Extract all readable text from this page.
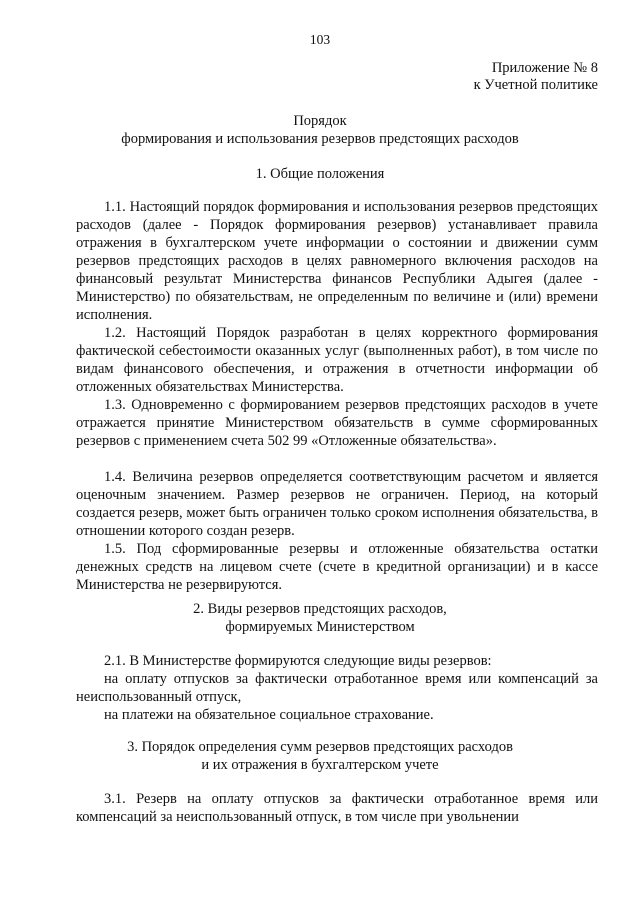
103
Приложение № 8
к Учетной политике
Порядок
формирования и использования резервов предстоящих расходов
1. Общие положения
1.1. Настоящий порядок формирования и использования резервов предстоящих расходов (далее - Порядок формирования резервов) устанавливает правила отражения в бухгалтерском учете информации о состоянии и движении сумм резервов предстоящих расходов в целях равномерного включения расходов на финансовый результат Министерства финансов Республики Адыгея (далее - Министерство) по обязательствам, не определенным по величине и (или) времени исполнения.
1.2. Настоящий Порядок разработан в целях корректного формирования фактической себестоимости оказанных услуг (выполненных работ), в том числе по видам финансового обеспечения, и отражения в отчетности информации об отложенных обязательствах Министерства.
1.3. Одновременно с формированием резервов предстоящих расходов в учете отражается принятие Министерством обязательств в сумме сформированных резервов с применением счета 502 99 «Отложенные обязательства».
1.4. Величина резервов определяется соответствующим расчетом и является оценочным значением. Размер резервов не ограничен. Период, на который создается резерв, может быть ограничен только сроком исполнения обязательства, в отношении которого создан резерв.
1.5. Под сформированные резервы и отложенные обязательства остатки денежных средств на лицевом счете (счете в кредитной организации) и в кассе Министерства не резервируются.
2. Виды резервов предстоящих расходов,
формируемых Министерством
2.1. В Министерстве формируются следующие виды резервов:
на оплату отпусков за фактически отработанное время или компенсаций за неиспользованный отпуск,
на платежи на обязательное социальное страхование.
3. Порядок определения сумм резервов предстоящих расходов
и их отражения в бухгалтерском учете
3.1. Резерв на оплату отпусков за фактически отработанное время или компенсаций за неиспользованный отпуск, в том числе при увольнении
